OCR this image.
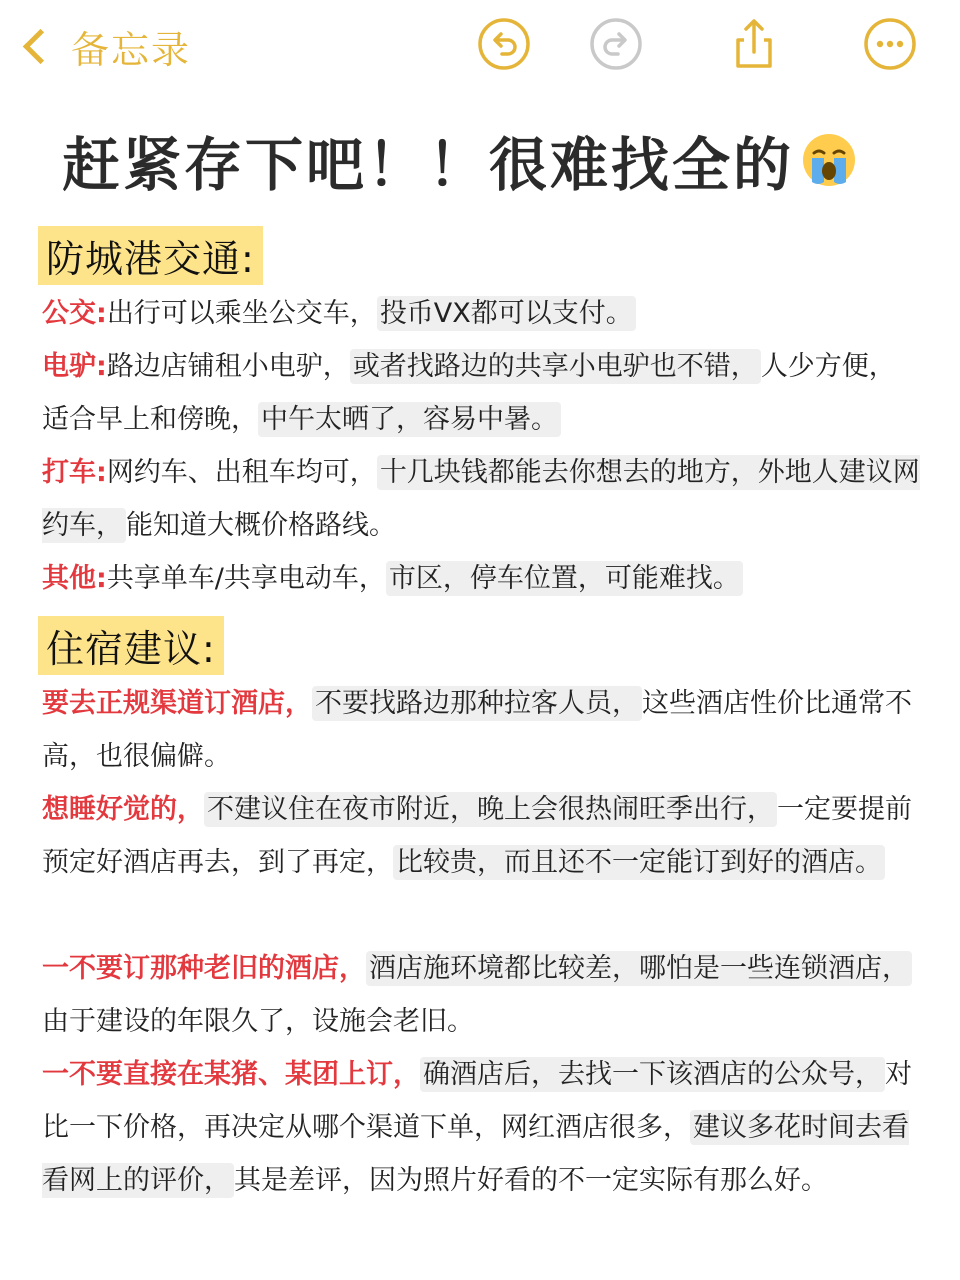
备忘录
赶紧存下吧！！很难找全的
防城港交通:
公交:出行可以乘坐公交车， 投币VX都可以支付。
电驴:路边店铺租小电驴， 或者找路边的共享小电驴也不错， 人少方便，适合早上和傍晚， 中午太晒了，容易中暑。
打车:网约车、出租车均可， 十几块钱都能去你想去的地方，外地人建议网约车， 能知道大概价格路线。
其他:共享单车/共享电动车， 市区，停车位置，可能难找。
住宿建议:
要去正规渠道订酒店， 不要找路边那种拉客人员， 这些酒店性价比通常不高，也很偏僻。
想睡好觉的， 不建议住在夜市附近，晚上会很热闹旺季出行， 一定要提前预定好酒店再去，到了再定， 比较贵，而且还不一定能订到好的酒店。
一不要订那种老旧的酒店， 酒店施环境都比较差，哪怕是一些连锁酒店，由于建设的年限久了，设施会老旧。
一不要直接在某猪、某团上订， 确酒店后，去找一下该酒店的公众号， 对比一下价格，再决定从哪个渠道下单，网红酒店很多， 建议多花时间去看看网上的评价， 其是差评，因为照片好看的不一定实际有那么好。
